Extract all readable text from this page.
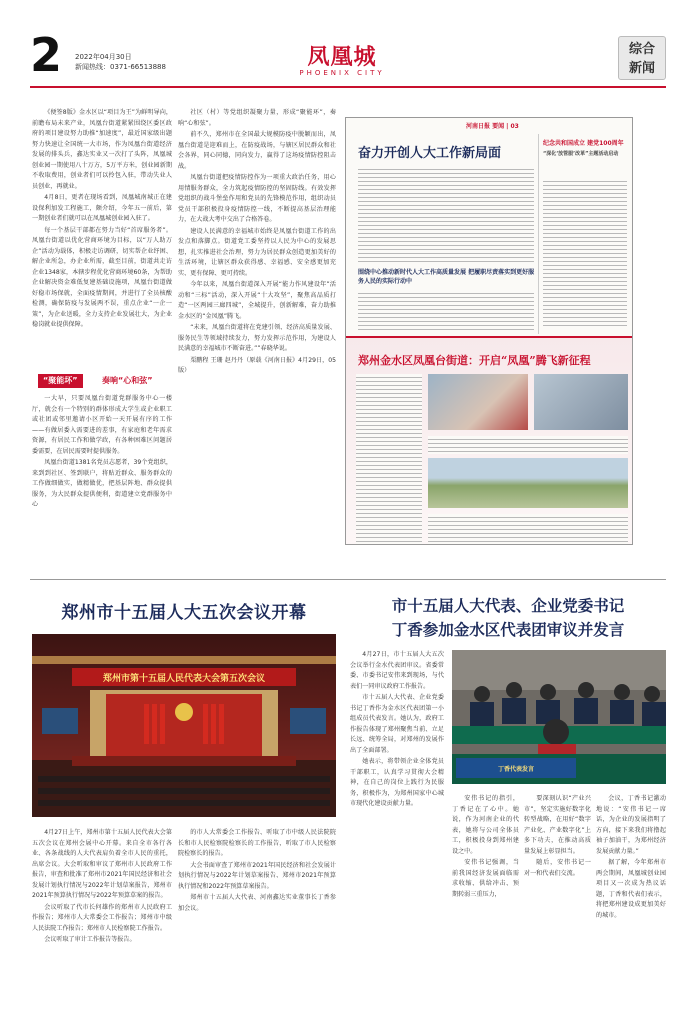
2 2022年04月30日
新闻热线：0371-66513888	凤凰城
PHOENIX CITY
综合
新闻

《便签8版》金水区以“项目为王”为鲜明导向，前瞻布局未来产业，凤凰台街道紧紧围绕区委区政府的项目建设努力助推“加速度”，最近国家级出题努力快速让全国统一大市场，作为凤凰台街道经济发展的排头兵，鑫达实业又一次打了头阵，凤凰城创业园一期使用八十万方，5万平方米，创业园新期不收取费用，创业者们可以拎包入驻，带动失业人员创业，再就业。

4月8日，更者在现场看到，凤凰城南城正在建设保利加发工程施工，颇介绍，今年五一前后，第一期创业者们就可以在凤凰城创业园入驻了。

每一个基层干部都在努力当好“首席服务者”。凤凰台街道以优化营商环境为目标，以“万人助万企”活动为载体，积极走访调研，切实帮企业纾困、解企业所急，办企业所需，截至目前，街道共走访企业1348家，本辖步程优化营商环境60条，为帮助企业解决资金难低复建基础设施项，凤凰台街道做好稳市场保就，全面疫情期间，并进行了全员核酸检测，确保防疫与发展两不误，重点企业“一企一策”，为企业送暖，全力支持企业发展壮大，为企业稳岗就业提供保障。

“聚能坏”	奏响“心和弦”

一大早，只要凤凰台街道党群服务中心一楼厅，就会有一个特别的群体形成大学生或企业职工或社团或邻里邀请小区开始一天开展有序的工作——有做居委入需要进的差事，有家庭和老年需求资源，有居民工作和做学政，有各种困难区问题居委需要，在居民需要时提供服务。

凤凰台街道1381名党员志愿者，39个党组织，来到到社区、签到联户，将贴近群众、服务群众的工作做细做实，做精做优，把基层阵地、群众提供服务，为大民群众提供便利，街道建立党群服务中心

社区（村）等党组织凝聚力量，形成“聚能环”，奏响“心和弦”。

前不久，郑州市在全国最大规模防疫中脱颖而出，凤凰台街道是迎难而上，在防疫战场，与辖区居民群众和社会各界，同心同德，同向发力，赢得了这场疫情防控阻击战。

凤凰台街道把疫情防控作为一项重大政治任务，用心用情服务群众，全力筑起疫情防控的坚固防线。有效发挥党组织的战斗堡垒作用和党员的先锋模范作用，组织动员党员干部积极投身疫情防控一线，不断提高基层治理能力，在大战大考中交出了合格答卷。

建设人民满意的幸福城市始终是凤凰台街道工作的出发点和落脚点。街道党工委坚持以人民为中心的发展思想，扎实推进社会治理，努力为居民群众创造更加美好的生活环境，让辖区群众获得感、幸福感、安全感更加充实、更有保障、更可持续。

今年以来，凤凰台街道深入开展“能力作风建设年”活动和“三标”活动，深入开展“十大攻坚”，聚焦高品质打造“一区两园三廊四城”，全城提升，创新解难，奋力助推金水区的“金凤凰”腾飞。

“未来，凤凰台街道将在党建引领、经济高质量发展、服务民生等领域持续发力，努力发挥示范作用，为建设人民满意的幸福城市不断奋进。””春晓华说。

栗鹏程 王珊 赵丹丹（原载《河南日报》4月29日，05版）

河南日报 要闻 | 03
奋力开创人大工作新局面
纪念共和国成立 建党100周年
“深化‘放管服’改革”主题活动启动
围绕中心推动新时代人大工作高质量发展 把履职尽责落实到更好服务人民的实际行动中
郑州金水区凤凰台街道：开启“凤凰”腾飞新征程
郑州市十五届人大五次会议开幕
郑州市第十五届人民代表大会第五次会议

4月27日上午，郑州市第十五届人民代表大会第五次会议在郑州会展中心开幕。来自全市各行各业、各条战线的人大代表肩负着全市人民的重托，出席会议。大会听取和审议了郑州市人民政府工作报告，审查和批准了郑州市2021年国民经济和社会发展计划执行情况与2022年计划草案报告，郑州市2021年预算执行情况与2022年预算草案的报告。

会议听取了代市长何雄作的郑州市人民政府工作报告；郑州市人大常委会工作报告；郑州市中级人民法院工作报告；郑州市人民检察院工作报告。

会议听取了审计工作报告等报告。

的市人大常委会工作报告、听取了市中级人民法院院长和市人民检察院检察长的工作报告，听取了市人民检察院检察长的报告。

大会书面审查了郑州市2021年国民经济和社会发展计划执行情况与2022年计划草案报告、郑州市2021年预算执行情况和2022年预算草案报告。

郑州市十五届人大代表、河南鑫达实业董事长丁香参加会议。

市十五届人大代表、企业党委书记
丁香参加金水区代表团审议并发言

4月27日，市十五届人大五次会议举行金水代表团审议。省委常委、市委书记安伟来到现场，与代表们一同审议政府工作报告。

市十五届人大代表、企业党委书记丁香作为金水区代表团第一小组成员代表发言。她认为，政府工作报告体现了郑州聚焦当前、立足长远、统筹全局，对郑州的发展作出了全面部署。

她表示，将带领企业全体党员干部职工，认真学习贯彻大会精神，在自己的岗位上践行为民服务，积极作为，为郑州国家中心城市现代化建设贡献力量。

丁香代表发言

安伟书记的指引，丁香记在了心中。她说，作为河南企业的代表，她将与公司全体员工，积极投身到郑州建设之中。

安伟书记强调，当前我国经济发展面临需求收缩、供给冲击、预期转弱三重压力，

要深刻认识“产业兴市”，坚定实施好数字化转型战略，在用好“数字产业化、产业数字化”上多下功夫，在推动高质量发展上彰显担当。

随后，安伟书记一对一和代表们交流。

会议，丁香书记激动地说：“安伟书记一席话，为企业的发展指明了方向，接下来我们将撸起袖子加油干，为郑州经济发展贡献力量。”

据了解，今年郑州市两会期间，凤凰城创业园项目又一次成为热议话题，丁香和代表们表示，将把郑州建设成更加美好的城市。
